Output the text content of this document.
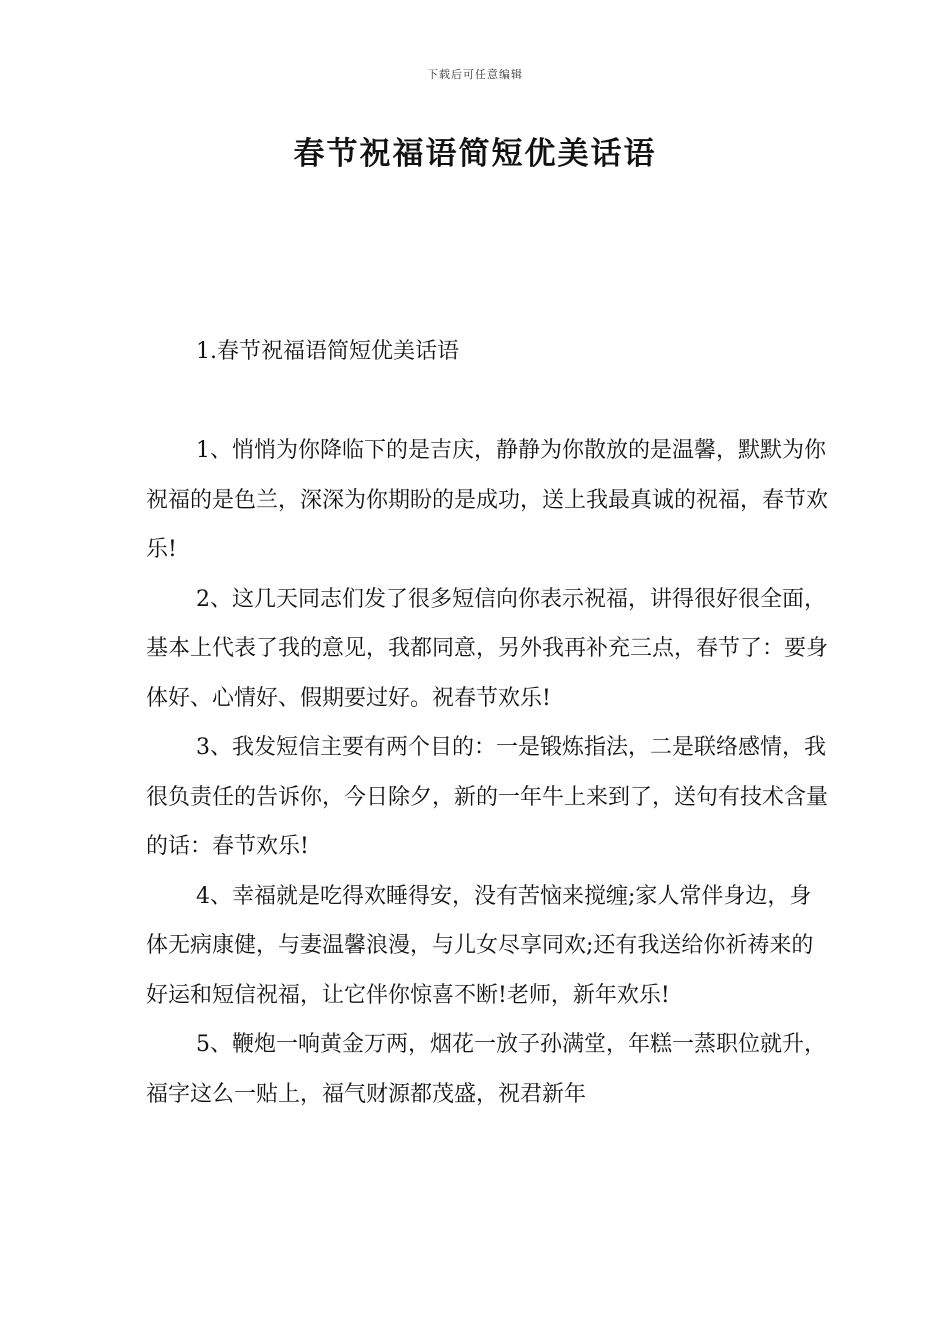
下载后可任意编辑
春节祝福语简短优美话语
1.春节祝福语简短优美话语

1、悄悄为你降临下的是吉庆，静静为你散放的是温馨，默默为你祝福的是色兰，深深为你期盼的是成功，送上我最真诚的祝福，春节欢乐!

2、这几天同志们发了很多短信向你表示祝福，讲得很好很全面，基本上代表了我的意见，我都同意，另外我再补充三点，春节了：要身体好、心情好、假期要过好。祝春节欢乐!

3、我发短信主要有两个目的：一是锻炼指法，二是联络感情，我很负责任的告诉你，今日除夕，新的一年牛上来到了，送句有技术含量的话：春节欢乐!

4、幸福就是吃得欢睡得安，没有苦恼来搅缠;家人常伴身边，身体无病康健，与妻温馨浪漫，与儿女尽享同欢;还有我送给你祈祷来的好运和短信祝福，让它伴你惊喜不断!老师，新年欢乐!

5、鞭炮一响黄金万两，烟花一放子孙满堂，年糕一蒸职位就升，福字这么一贴上，福气财源都茂盛，祝君新年
